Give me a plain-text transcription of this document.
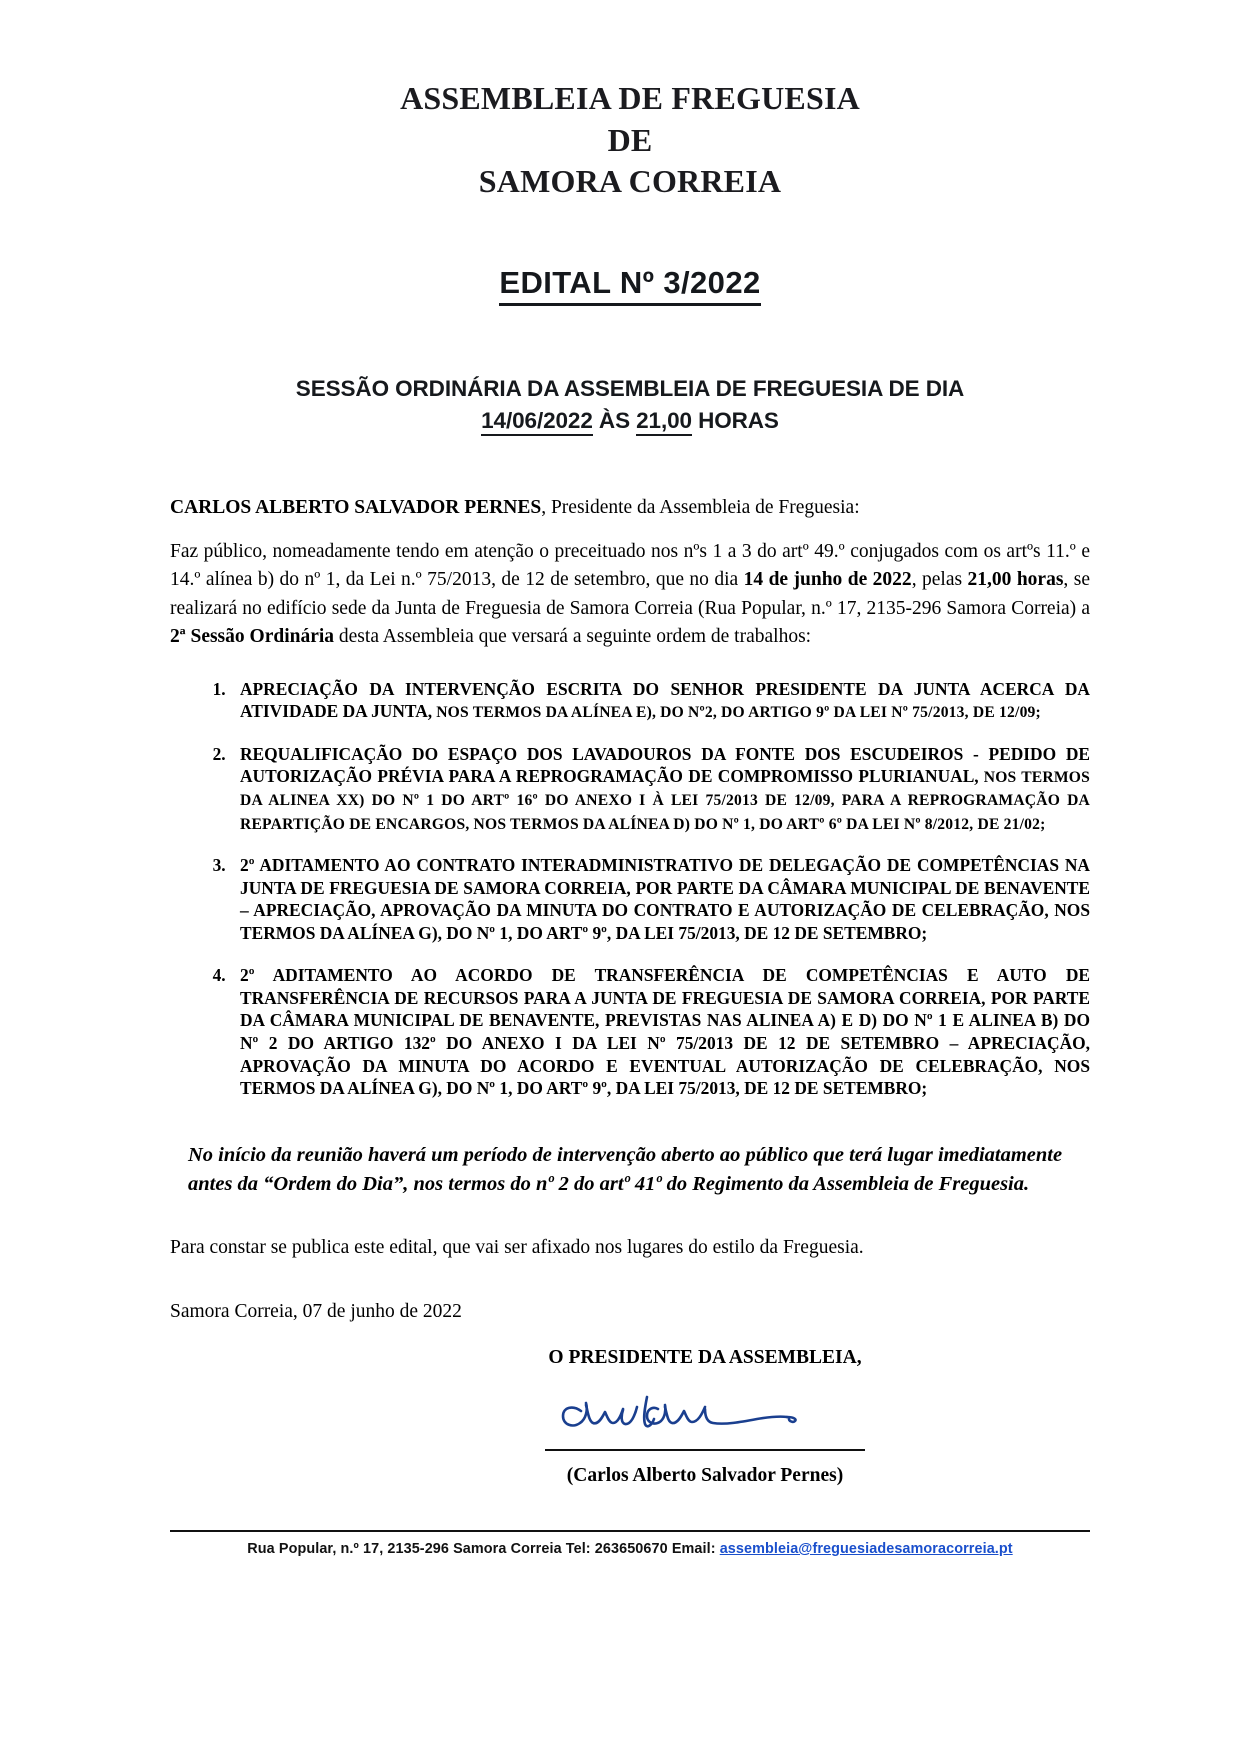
ASSEMBLEIA DE FREGUESIA
DE
SAMORA CORREIA
EDITAL Nº 3/2022
SESSÃO ORDINÁRIA DA ASSEMBLEIA DE FREGUESIA DE DIA
14/06/2022 ÀS 21,00 HORAS
CARLOS ALBERTO SALVADOR PERNES, Presidente da Assembleia de Freguesia:
Faz público, nomeadamente tendo em atenção o preceituado nos nºs 1 a 3 do artº 49.º conjugados com os artºs 11.º e 14.º alínea b) do nº 1, da Lei n.º 75/2013, de 12 de setembro, que no dia 14 de junho de 2022, pelas 21,00 horas, se realizará no edifício sede da Junta de Freguesia de Samora Correia (Rua Popular, n.º 17, 2135-296 Samora Correia) a 2ª Sessão Ordinária desta Assembleia que versará a seguinte ordem de trabalhos:
1. APRECIAÇÃO DA INTERVENÇÃO ESCRITA DO SENHOR PRESIDENTE DA JUNTA ACERCA DA ATIVIDADE DA JUNTA, NOS TERMOS DA ALÍNEA E), DO Nº2, DO ARTIGO 9º DA LEI Nº 75/2013, DE 12/09;
2. REQUALIFICAÇÃO DO ESPAÇO DOS LAVADOUROS DA FONTE DOS ESCUDEIROS - PEDIDO DE AUTORIZAÇÃO PRÉVIA PARA A REPROGRAMAÇÃO DE COMPROMISSO PLURIANUAL, NOS TERMOS DA ALINEA XX) DO Nº 1 DO ARTº 16º DO ANEXO I À LEI 75/2013 DE 12/09, PARA A REPROGRAMAÇÃO DA REPARTIÇÃO DE ENCARGOS, NOS TERMOS DA ALÍNEA D) DO Nº 1, DO ARTº 6º DA LEI Nº 8/2012, DE 21/02;
3. 2º ADITAMENTO AO CONTRATO INTERADMINISTRATIVO DE DELEGAÇÃO DE COMPETÊNCIAS NA JUNTA DE FREGUESIA DE SAMORA CORREIA, POR PARTE DA CÂMARA MUNICIPAL DE BENAVENTE – APRECIAÇÃO, APROVAÇÃO DA MINUTA DO CONTRATO E AUTORIZAÇÃO DE CELEBRAÇÃO, NOS TERMOS DA ALÍNEA G), DO Nº 1, DO ARTº 9º, DA LEI 75/2013, DE 12 DE SETEMBRO;
4. 2º ADITAMENTO AO ACORDO DE TRANSFERÊNCIA DE COMPETÊNCIAS E AUTO DE TRANSFERÊNCIA DE RECURSOS PARA A JUNTA DE FREGUESIA DE SAMORA CORREIA, POR PARTE DA CÂMARA MUNICIPAL DE BENAVENTE, PREVISTAS NAS ALINEA A) E D) DO Nº 1 E ALINEA B) DO Nº 2 DO ARTIGO 132º DO ANEXO I DA LEI Nº 75/2013 DE 12 DE SETEMBRO – APRECIAÇÃO, APROVAÇÃO DA MINUTA DO ACORDO E EVENTUAL AUTORIZAÇÃO DE CELEBRAÇÃO, NOS TERMOS DA ALÍNEA G), DO Nº 1, DO ARTº 9º, DA LEI 75/2013, DE 12 DE SETEMBRO;
No início da reunião haverá um período de intervenção aberto ao público que terá lugar imediatamente antes da “Ordem do Dia”, nos termos do nº 2 do artº 41º do Regimento da Assembleia de Freguesia.
Para constar se publica este edital, que vai ser afixado nos lugares do estilo da Freguesia.
Samora Correia, 07 de junho de 2022
O PRESIDENTE DA ASSEMBLEIA,
(Carlos Alberto Salvador Pernes)
Rua Popular, n.º 17, 2135-296 Samora Correia Tel: 263650670 Email: assembleia@freguesiadesamoracorreia.pt
